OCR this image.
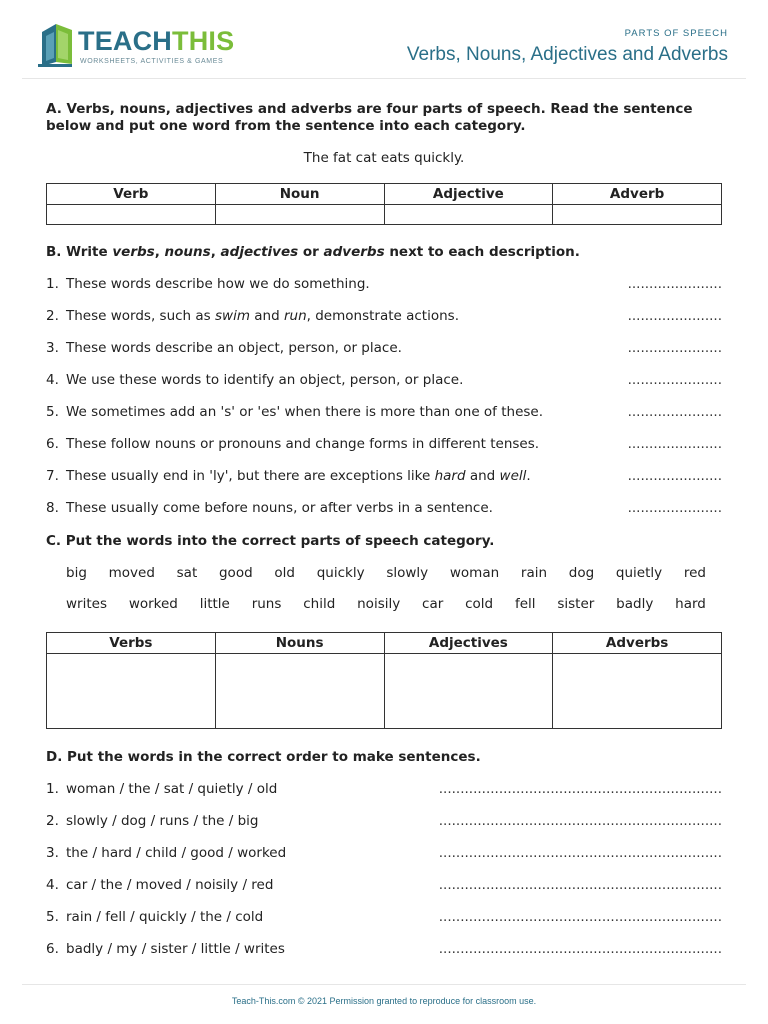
TEACHTHIS
WORKSHEETS, ACTIVITIES & GAMES
PARTS OF SPEECH
Verbs, Nouns, Adjectives and Adverbs
A. Verbs, nouns, adjectives and adverbs are four parts of speech. Read the sentence
below and put one word from the sentence into each category.
The fat cat eats quickly.
Verb	Noun	Adjective	Adverb

B. Write verbs, nouns, adjectives or adverbs next to each description.
1. These words describe how we do something.	......................
2. These words, such as swim and run, demonstrate actions.	......................
3. These words describe an object, person, or place.	......................
4. We use these words to identify an object, person, or place.	......................
5. We sometimes add an 's' or 'es' when there is more than one of these.	......................
6. These follow nouns or pronouns and change forms in different tenses.	......................
7. These usually end in 'ly', but there are exceptions like hard and well.	......................
8. These usually come before nouns, or after verbs in a sentence.	......................
C. Put the words into the correct parts of speech category.
big moved sat good old quickly slowly woman rain dog quietly red
writes worked little runs child noisily car cold fell sister badly hard
Verbs	Nouns	Adjectives	Adverbs

D. Put the words in the correct order to make sentences.
1. woman / the / sat / quietly / old	..................................................................
2. slowly / dog / runs / the / big	..................................................................
3. the / hard / child / good / worked	..................................................................
4. car / the / moved / noisily / red	..................................................................
5. rain / fell / quickly / the / cold	..................................................................
6. badly / my / sister / little / writes	..................................................................
Teach-This.com © 2021 Permission granted to reproduce for classroom use.
